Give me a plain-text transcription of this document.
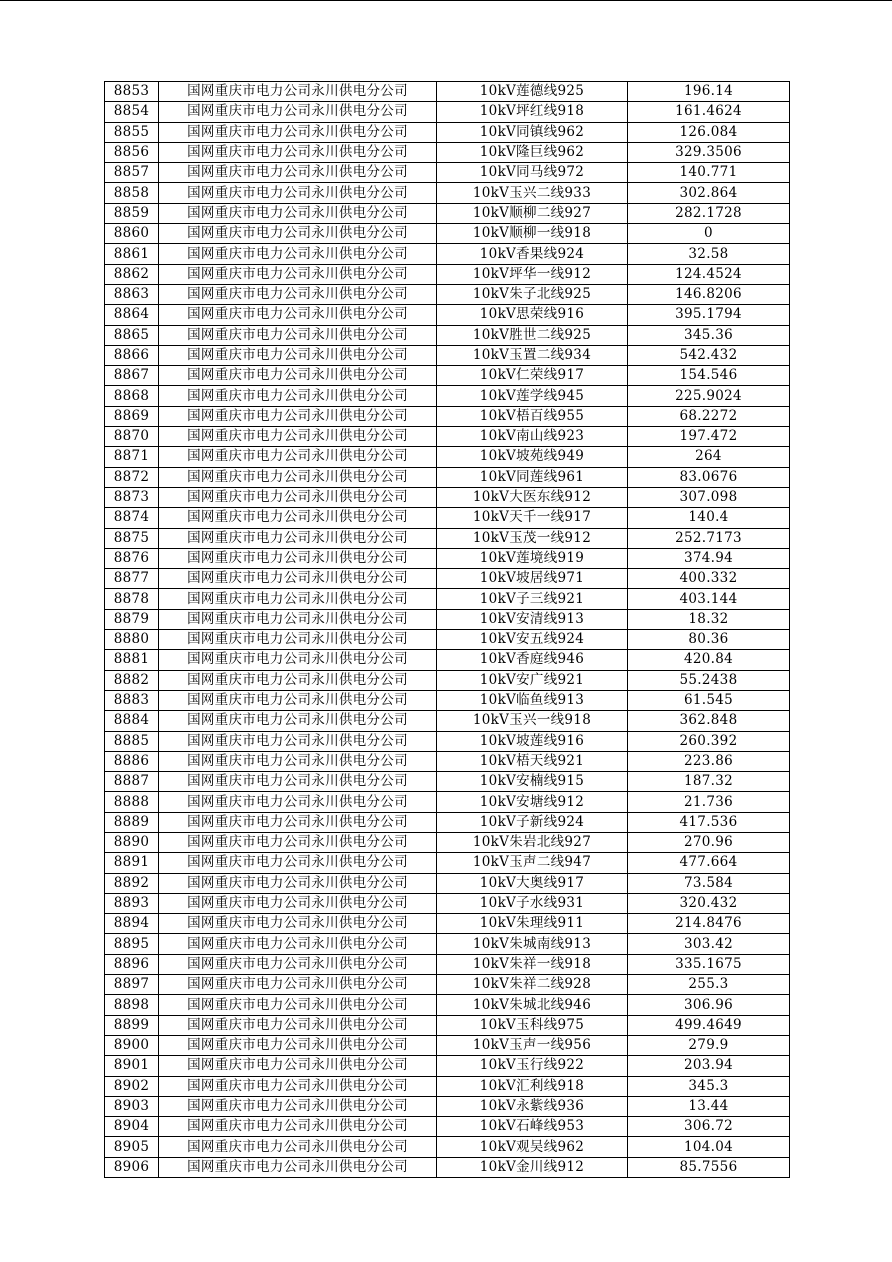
8853	国网重庆市电力公司永川供电分公司	10kV莲德线925	196.14
8854	国网重庆市电力公司永川供电分公司	10kV坪红线918	161.4624
8855	国网重庆市电力公司永川供电分公司	10kV同镇线962	126.084
8856	国网重庆市电力公司永川供电分公司	10kV隆巨线962	329.3506
8857	国网重庆市电力公司永川供电分公司	10kV同马线972	140.771
8858	国网重庆市电力公司永川供电分公司	10kV玉兴二线933	302.864
8859	国网重庆市电力公司永川供电分公司	10kV顺柳二线927	282.1728
8860	国网重庆市电力公司永川供电分公司	10kV顺柳一线918	0
8861	国网重庆市电力公司永川供电分公司	10kV香果线924	32.58
8862	国网重庆市电力公司永川供电分公司	10kV坪华一线912	124.4524
8863	国网重庆市电力公司永川供电分公司	10kV朱子北线925	146.8206
8864	国网重庆市电力公司永川供电分公司	10kV思荣线916	395.1794
8865	国网重庆市电力公司永川供电分公司	10kV胜世二线925	345.36
8866	国网重庆市电力公司永川供电分公司	10kV玉置二线934	542.432
8867	国网重庆市电力公司永川供电分公司	10kV仁荣线917	154.546
8868	国网重庆市电力公司永川供电分公司	10kV莲学线945	225.9024
8869	国网重庆市电力公司永川供电分公司	10kV梧百线955	68.2272
8870	国网重庆市电力公司永川供电分公司	10kV南山线923	197.472
8871	国网重庆市电力公司永川供电分公司	10kV坡苑线949	264
8872	国网重庆市电力公司永川供电分公司	10kV同莲线961	83.0676
8873	国网重庆市电力公司永川供电分公司	10kV大医东线912	307.098
8874	国网重庆市电力公司永川供电分公司	10kV天千一线917	140.4
8875	国网重庆市电力公司永川供电分公司	10kV玉茂一线912	252.7173
8876	国网重庆市电力公司永川供电分公司	10kV莲境线919	374.94
8877	国网重庆市电力公司永川供电分公司	10kV坡居线971	400.332
8878	国网重庆市电力公司永川供电分公司	10kV子三线921	403.144
8879	国网重庆市电力公司永川供电分公司	10kV安清线913	18.32
8880	国网重庆市电力公司永川供电分公司	10kV安五线924	80.36
8881	国网重庆市电力公司永川供电分公司	10kV香庭线946	420.84
8882	国网重庆市电力公司永川供电分公司	10kV安广线921	55.2438
8883	国网重庆市电力公司永川供电分公司	10kV临鱼线913	61.545
8884	国网重庆市电力公司永川供电分公司	10kV玉兴一线918	362.848
8885	国网重庆市电力公司永川供电分公司	10kV坡莲线916	260.392
8886	国网重庆市电力公司永川供电分公司	10kV梧天线921	223.86
8887	国网重庆市电力公司永川供电分公司	10kV安楠线915	187.32
8888	国网重庆市电力公司永川供电分公司	10kV安塘线912	21.736
8889	国网重庆市电力公司永川供电分公司	10kV子新线924	417.536
8890	国网重庆市电力公司永川供电分公司	10kV朱岩北线927	270.96
8891	国网重庆市电力公司永川供电分公司	10kV玉声二线947	477.664
8892	国网重庆市电力公司永川供电分公司	10kV大奥线917	73.584
8893	国网重庆市电力公司永川供电分公司	10kV子水线931	320.432
8894	国网重庆市电力公司永川供电分公司	10kV朱理线911	214.8476
8895	国网重庆市电力公司永川供电分公司	10kV朱城南线913	303.42
8896	国网重庆市电力公司永川供电分公司	10kV朱祥一线918	335.1675
8897	国网重庆市电力公司永川供电分公司	10kV朱祥二线928	255.3
8898	国网重庆市电力公司永川供电分公司	10kV朱城北线946	306.96
8899	国网重庆市电力公司永川供电分公司	10kV玉科线975	499.4649
8900	国网重庆市电力公司永川供电分公司	10kV玉声一线956	279.9
8901	国网重庆市电力公司永川供电分公司	10kV玉行线922	203.94
8902	国网重庆市电力公司永川供电分公司	10kV汇利线918	345.3
8903	国网重庆市电力公司永川供电分公司	10kV永紫线936	13.44
8904	国网重庆市电力公司永川供电分公司	10kV石峰线953	306.72
8905	国网重庆市电力公司永川供电分公司	10kV观吴线962	104.04
8906	国网重庆市电力公司永川供电分公司	10kV金川线912	85.7556
